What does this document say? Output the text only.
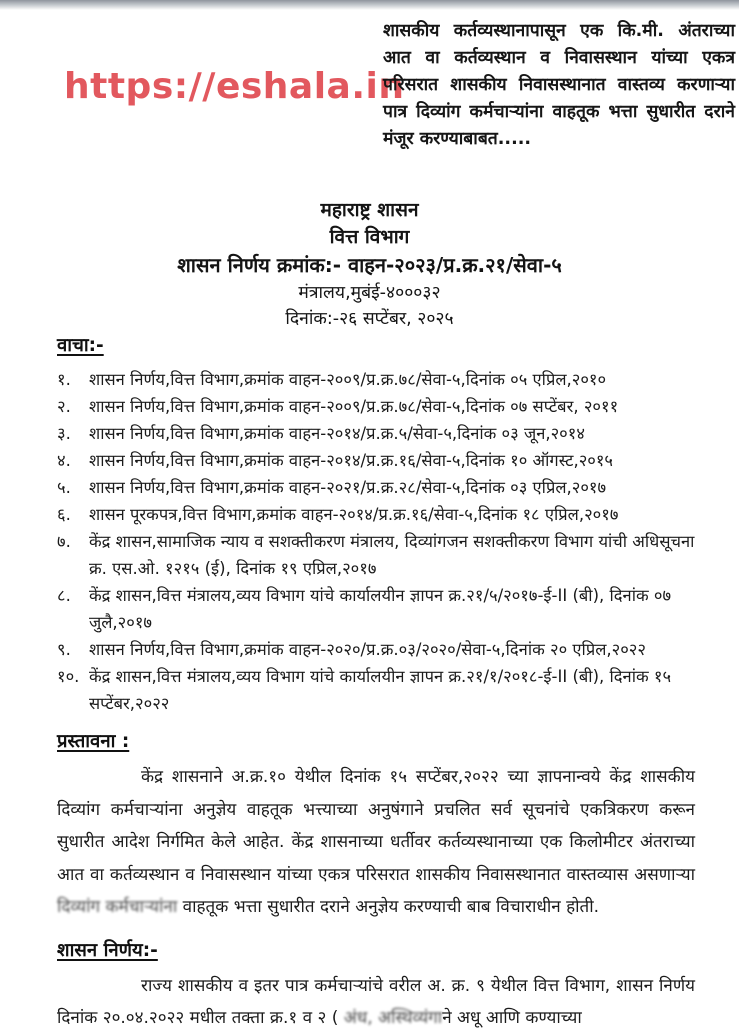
https://eshala.in
शासकीय कर्तव्यस्थानापासून एक कि.मी. अंतराच्या आत वा कर्तव्यस्थान व निवासस्थान यांच्या एकत्र परिसरात शासकीय निवासस्थानात वास्तव्य करणाऱ्या पात्र दिव्यांग कर्मचाऱ्यांना वाहतूक भत्ता सुधारीत दराने मंजूर करण्याबाबत.....
महाराष्ट्र शासन
वित्त विभाग
शासन निर्णय क्रमांक:- वाहन-२०२३/प्र.क्र.२१/सेवा-५
मंत्रालय,मुबंई-४०००३२
दिनांक:-२६ सप्टेंबर, २०२५
वाचा:-
१.	शासन निर्णय,वित्त विभाग,क्रमांक वाहन-२००९/प्र.क्र.७८/सेवा-५,दिनांक ०५ एप्रिल,२०१०
२.	शासन निर्णय,वित्त विभाग,क्रमांक वाहन-२००९/प्र.क्र.७८/सेवा-५,दिनांक ०७ सप्टेंबर, २०११
३.	शासन निर्णय,वित्त विभाग,क्रमांक वाहन-२०१४/प्र.क्र.५/सेवा-५,दिनांक ०३ जून,२०१४
४.	शासन निर्णय,वित्त विभाग,क्रमांक वाहन-२०१४/प्र.क्र.१६/सेवा-५,दिनांक १० ऑगस्ट,२०१५
५.	शासन निर्णय,वित्त विभाग,क्रमांक वाहन-२०२१/प्र.क्र.२८/सेवा-५,दिनांक ०३ एप्रिल,२०१७
६.	शासन पूरकपत्र,वित्त विभाग,क्रमांक वाहन-२०१४/प्र.क्र.१६/सेवा-५,दिनांक १८ एप्रिल,२०१७
७.	केंद्र शासन,सामाजिक न्याय व सशक्तीकरण मंत्रालय, दिव्यांगजन सशक्तीकरण विभाग यांची अधिसूचना क्र. एस.ओ. १२१५ (ई), दिनांक १९ एप्रिल,२०१७
८.	केंद्र शासन,वित्त मंत्रालय,व्यय विभाग यांचे कार्यालयीन ज्ञापन क्र.२१/५/२०१७-ई-II (बी), दिनांक ०७ जुलै,२०१७
९.	शासन निर्णय,वित्त विभाग,क्रमांक वाहन-२०२०/प्र.क्र.०३/२०२०/सेवा-५,दिनांक २० एप्रिल,२०२२
१०. केंद्र शासन,वित्त मंत्रालय,व्यय विभाग यांचे कार्यालयीन ज्ञापन क्र.२१/१/२०१८-ई-II (बी), दिनांक १५ सप्टेंबर,२०२२
प्रस्तावना :

केंद्र शासनाने अ.क्र.१० येथील दिनांक १५ सप्टेंबर,२०२२ च्या ज्ञापनान्वये केंद्र शासकीय दिव्यांग कर्मचाऱ्यांना अनुज्ञेय वाहतूक भत्त्याच्या अनुषंगाने प्रचलित सर्व सूचनांचे एकत्रिकरण करून सुधारीत आदेश निर्गमित केले आहेत. केंद्र शासनाच्या धर्तीवर कर्तव्यस्थानाच्या एक किलोमीटर अंतराच्या आत वा कर्तव्यस्थान व निवासस्थान यांच्या एकत्र परिसरात शासकीय निवासस्थानात वास्तव्यास असणाऱ्या दिव्यांग कर्मचाऱ्यांना वाहतूक भत्ता सुधारीत दराने अनुज्ञेय करण्याची बाब विचाराधीन होती.

शासन निर्णय:-

राज्य शासकीय व इतर पात्र कर्मचाऱ्यांचे वरील अ. क्र. ९ येथील वित्त विभाग, शासन निर्णय दिनांक २०.०४.२०२२ मधील तक्ता क्र.१ व २ ( अंध, अस्थिव्यंगाने अधू आणि कण्याच्या
